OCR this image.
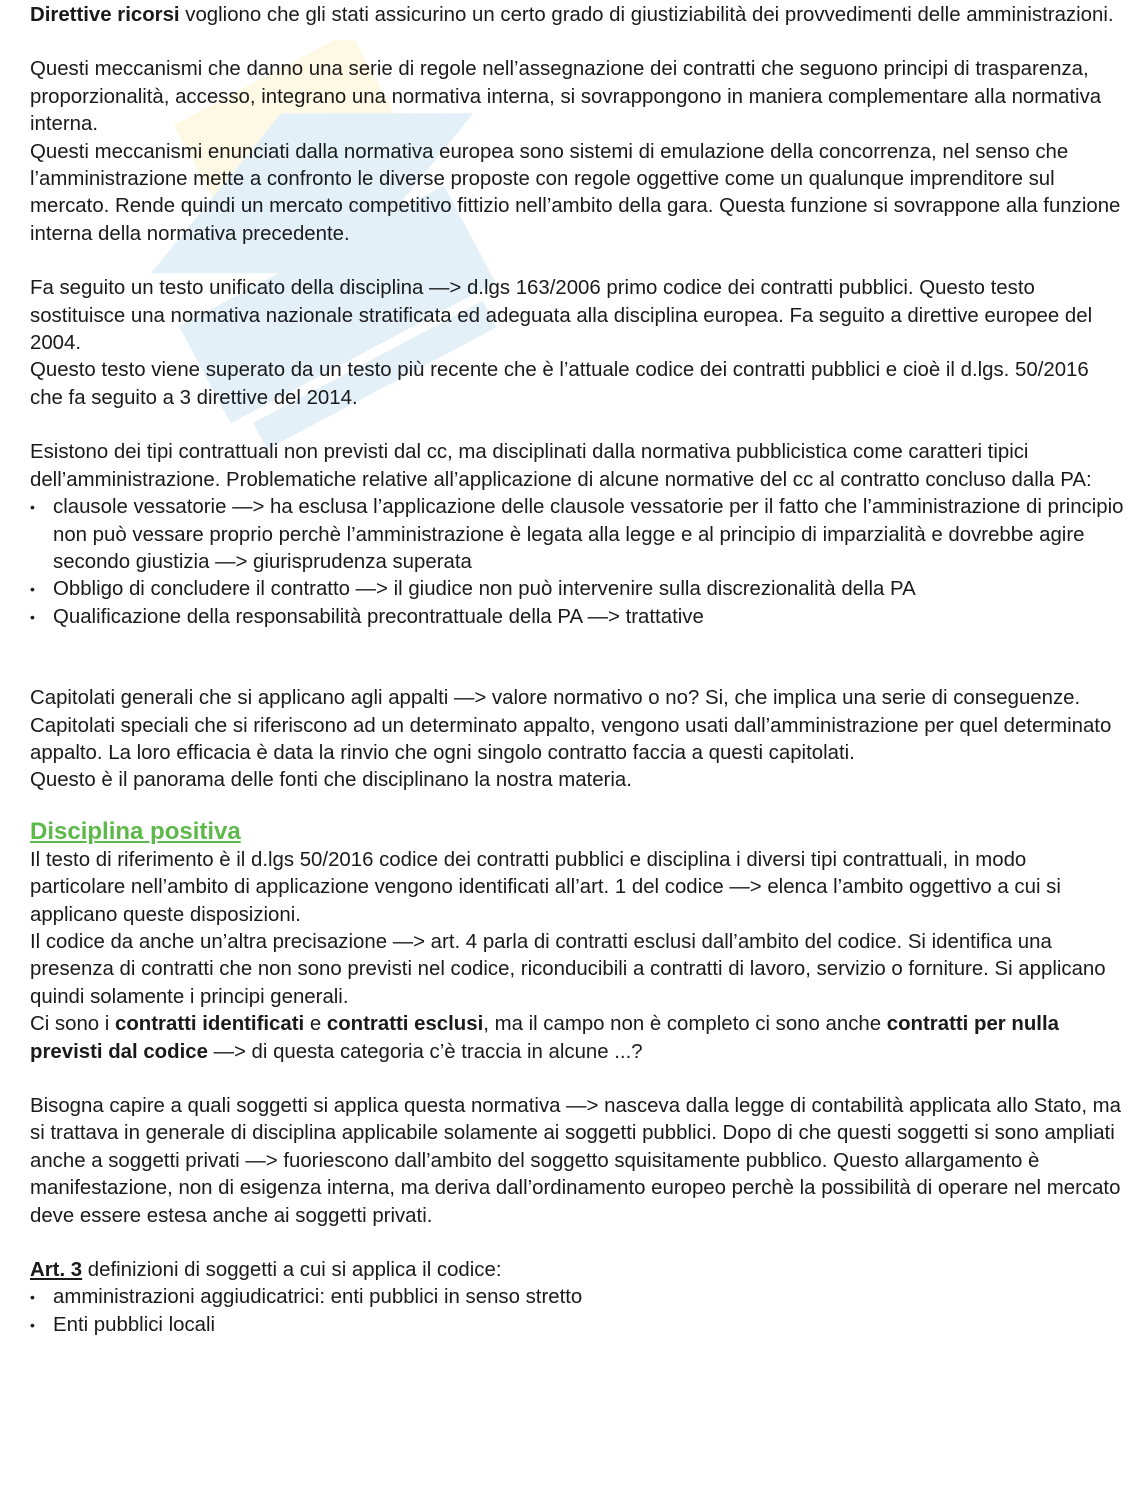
Direttive ricorsi vogliono che gli stati assicurino un certo grado di giustiziabilità dei provvedimenti delle amministrazioni.

Questi meccanismi che danno una serie di regole nell’assegnazione dei contratti che seguono principi di trasparenza, proporzionalità, accesso, integrano una normativa interna, si sovrappongono in maniera complementare alla normativa interna.

Questi meccanismi enunciati dalla normativa europea sono sistemi di emulazione della concorrenza, nel senso che l’amministrazione mette a confronto le diverse proposte con regole oggettive come un qualunque imprenditore sul mercato. Rende quindi un mercato competitivo fittizio nell’ambito della gara. Questa funzione si sovrappone alla funzione interna della normativa precedente.

Fa seguito un testo unificato della disciplina —> d.lgs 163/2006 primo codice dei contratti pubblici. Questo testo sostituisce una normativa nazionale stratificata ed adeguata alla disciplina europea. Fa seguito a direttive europee del 2004.

Questo testo viene superato da un testo più recente che è l’attuale codice dei contratti pubblici e cioè il d.lgs. 50/2016 che fa seguito a 3 direttive del 2014.

Esistono dei tipi contrattuali non previsti dal cc, ma disciplinati dalla normativa pubblicistica come caratteri tipici dell’amministrazione. Problematiche relative all’applicazione di alcune normative del cc al contratto concluso dalla PA:

• clausole vessatorie —> ha esclusa l’applicazione delle clausole vessatorie per il fatto che l’amministrazione di principio non può vessare proprio perchè l’amministrazione è legata alla legge e al principio di imparzialità e dovrebbe agire secondo giustizia —> giurisprudenza superata
• Obbligo di concludere il contratto —> il giudice non può intervenire sulla discrezionalità della PA
• Qualificazione della responsabilità precontrattuale della PA —> trattative

Capitolati generali che si applicano agli appalti —> valore normativo o no? Si, che implica una serie di conseguenze.

Capitolati speciali che si riferiscono ad un determinato appalto, vengono usati dall’amministrazione per quel determinato appalto. La loro efficacia è data la rinvio che ogni singolo contratto faccia a questi capitolati.

Questo è il panorama delle fonti che disciplinano la nostra materia.

Disciplina positiva

Il testo di riferimento è il d.lgs 50/2016 codice dei contratti pubblici e disciplina i diversi tipi contrattuali, in modo particolare nell’ambito di applicazione vengono identificati all’art. 1 del codice —> elenca l’ambito oggettivo a cui si applicano queste disposizioni.

Il codice da anche un’altra precisazione —> art. 4 parla di contratti esclusi dall’ambito del codice. Si identifica una presenza di contratti che non sono previsti nel codice, riconducibili a contratti di lavoro, servizio o forniture. Si applicano quindi solamente i principi generali.

Ci sono i contratti identificati e contratti esclusi, ma il campo non è completo ci sono anche contratti per nulla previsti dal codice —> di questa categoria c’è traccia in alcune ...?

Bisogna capire a quali soggetti si applica questa normativa —> nasceva dalla legge di contabilità applicata allo Stato, ma si trattava in generale di disciplina applicabile solamente ai soggetti pubblici. Dopo di che questi soggetti si sono ampliati anche a soggetti privati —> fuoriescono dall’ambito del soggetto squisitamente pubblico. Questo allargamento è manifestazione, non di esigenza interna, ma deriva dall’ordinamento europeo perchè la possibilità di operare nel mercato deve essere estesa anche ai soggetti privati.

Art. 3 definizioni di soggetti a cui si applica il codice:

• amministrazioni aggiudicatrici: enti pubblici in senso stretto
• Enti pubblici locali
